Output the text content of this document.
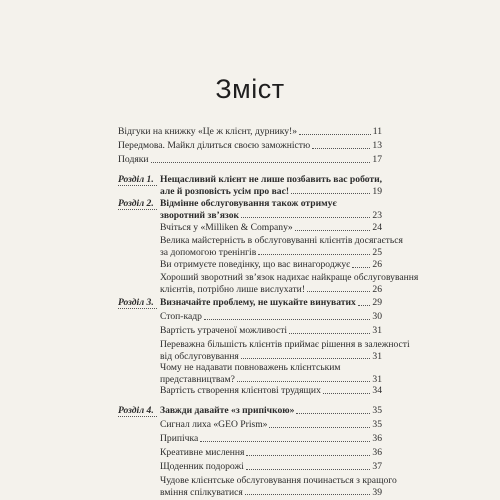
Зміст
Відгуки на книжку «Це ж клієнт, дурнику!»	11
Передмова. Майкл ділиться своєю заможністю	13
Подяки	17
Розділ 1. Нещасливий клієнт не лише позбавить вас роботи,
але й розповість усім про вас!	19
Розділ 2. Відмінне обслуговування також отримує
зворотний зв’язок	23
Вчіться у «Milliken & Company»	24
Велика майстерність в обслуговуванні клієнтів досягається
за допомогою тренінгів	25
Ви отримуєте поведінку, що вас винагороджує 26
Хороший зворотний зв’язок надихає найкраще обслуговування
клієнтів, потрібно лише вислухати!	26
Розділ 3. Визначайте проблему, не шукайте винуватих 29
Стоп-кадр	30
Вартість утраченої можливості	31
Переважна більшість клієнтів приймає рішення в залежності
від обслуговування	31
Чому не надавати повноважень клієнтським
представництвам?	31
Вартість створення клієнтові трудящих	34
Розділ 4. Завжди давайте «з припічкою»	35
Сигнал лиха «GEO Prism»	35
Припічка	36
Креативне мислення	36
Щоденник подорожі	37
Чудове клієнтське обслуговування починається з кращого
вміння спілкуватися	39
